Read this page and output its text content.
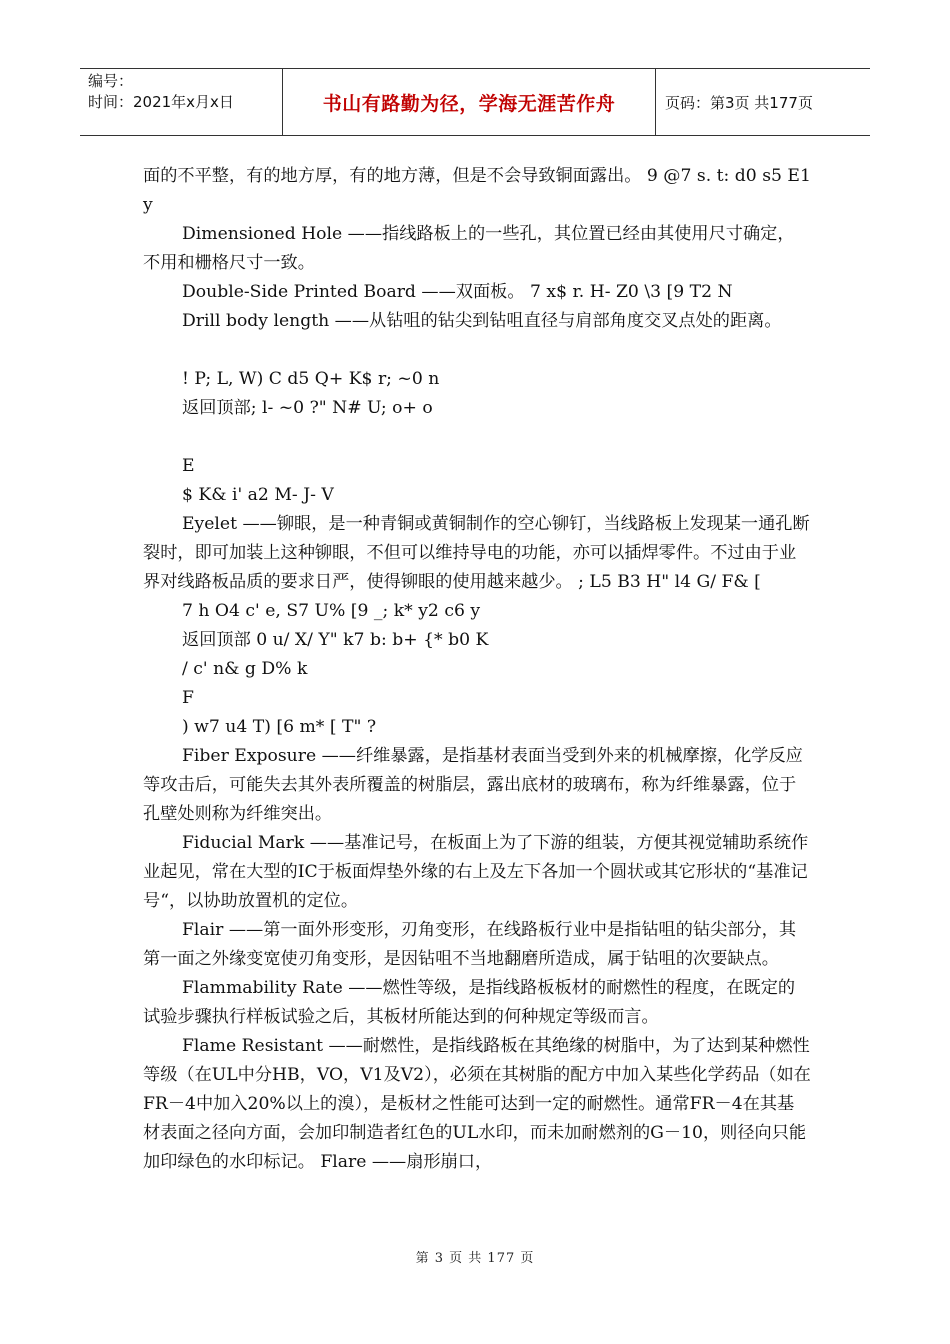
编号：
时间：2021年x月x日	书山有路勤为径，学海无涯苦作舟	页码：第3页 共177页

面的不平整，有的地方厚，有的地方薄，但是不会导致铜面露出。 9 @7 s. t: d0 s5 E1 y

Dimensioned Hole ——指线路板上的一些孔，其位置已经由其使用尺寸确定，不用和栅格尺寸一致。

Double-Side Printed Board ——双面板。 7 x$ r. H- Z0 \3 [9 T2 N

Drill body length ——从钻咀的钻尖到钻咀直径与肩部角度交叉点处的距离。

! P; L, W) C d5 Q+ K$ r; ~0 n

返回顶部; l- ~0 ?" N# U; o+ o

E

$ K& i' a2 M- J- V

Eyelet ——铆眼，是一种青铜或黄铜制作的空心铆钉，当线路板上发现某一通孔断裂时，即可加装上这种铆眼，不但可以维持导电的功能，亦可以插焊零件。不过由于业界对线路板品质的要求日严，使得铆眼的使用越来越少。 ; L5 B3 H" l4 G/ F& [

7 h O4 c' e, S7 U% [9 _; k* y2 c6 y

返回顶部 0 u/ X/ Y" k7 b: b+ {* b0 K

/ c' n& g D% k

F

) w7 u4 T) [6 m* [ T" ?

Fiber Exposure ——纤维暴露，是指基材表面当受到外来的机械摩擦，化学反应等攻击后，可能失去其外表所覆盖的树脂层，露出底材的玻璃布，称为纤维暴露，位于孔壁处则称为纤维突出。

Fiducial Mark ——基准记号，在板面上为了下游的组装，方便其视觉辅助系统作业起见，常在大型的IC于板面焊垫外缘的右上及左下各加一个圆状或其它形状的“基准记号“，以协助放置机的定位。

Flair ——第一面外形变形，刃角变形，在线路板行业中是指钻咀的钻尖部分，其第一面之外缘变宽使刃角变形，是因钻咀不当地翻磨所造成，属于钻咀的次要缺点。

Flammability Rate ——燃性等级，是指线路板板材的耐燃性的程度，在既定的试验步骤执行样板试验之后，其板材所能达到的何种规定等级而言。

Flame Resistant ——耐燃性，是指线路板在其绝缘的树脂中，为了达到某种燃性等级（在UL中分HB，VO，V1及V2），必须在其树脂的配方中加入某些化学药品（如在FR－4中加入20%以上的溴），是板材之性能可达到一定的耐燃性。通常FR－4在其基材表面之径向方面，会加印制造者红色的UL水印，而未加耐燃剂的G－10，则径向只能加印绿色的水印标记。 Flare ——扇形崩口，

第 3 页 共 177 页
